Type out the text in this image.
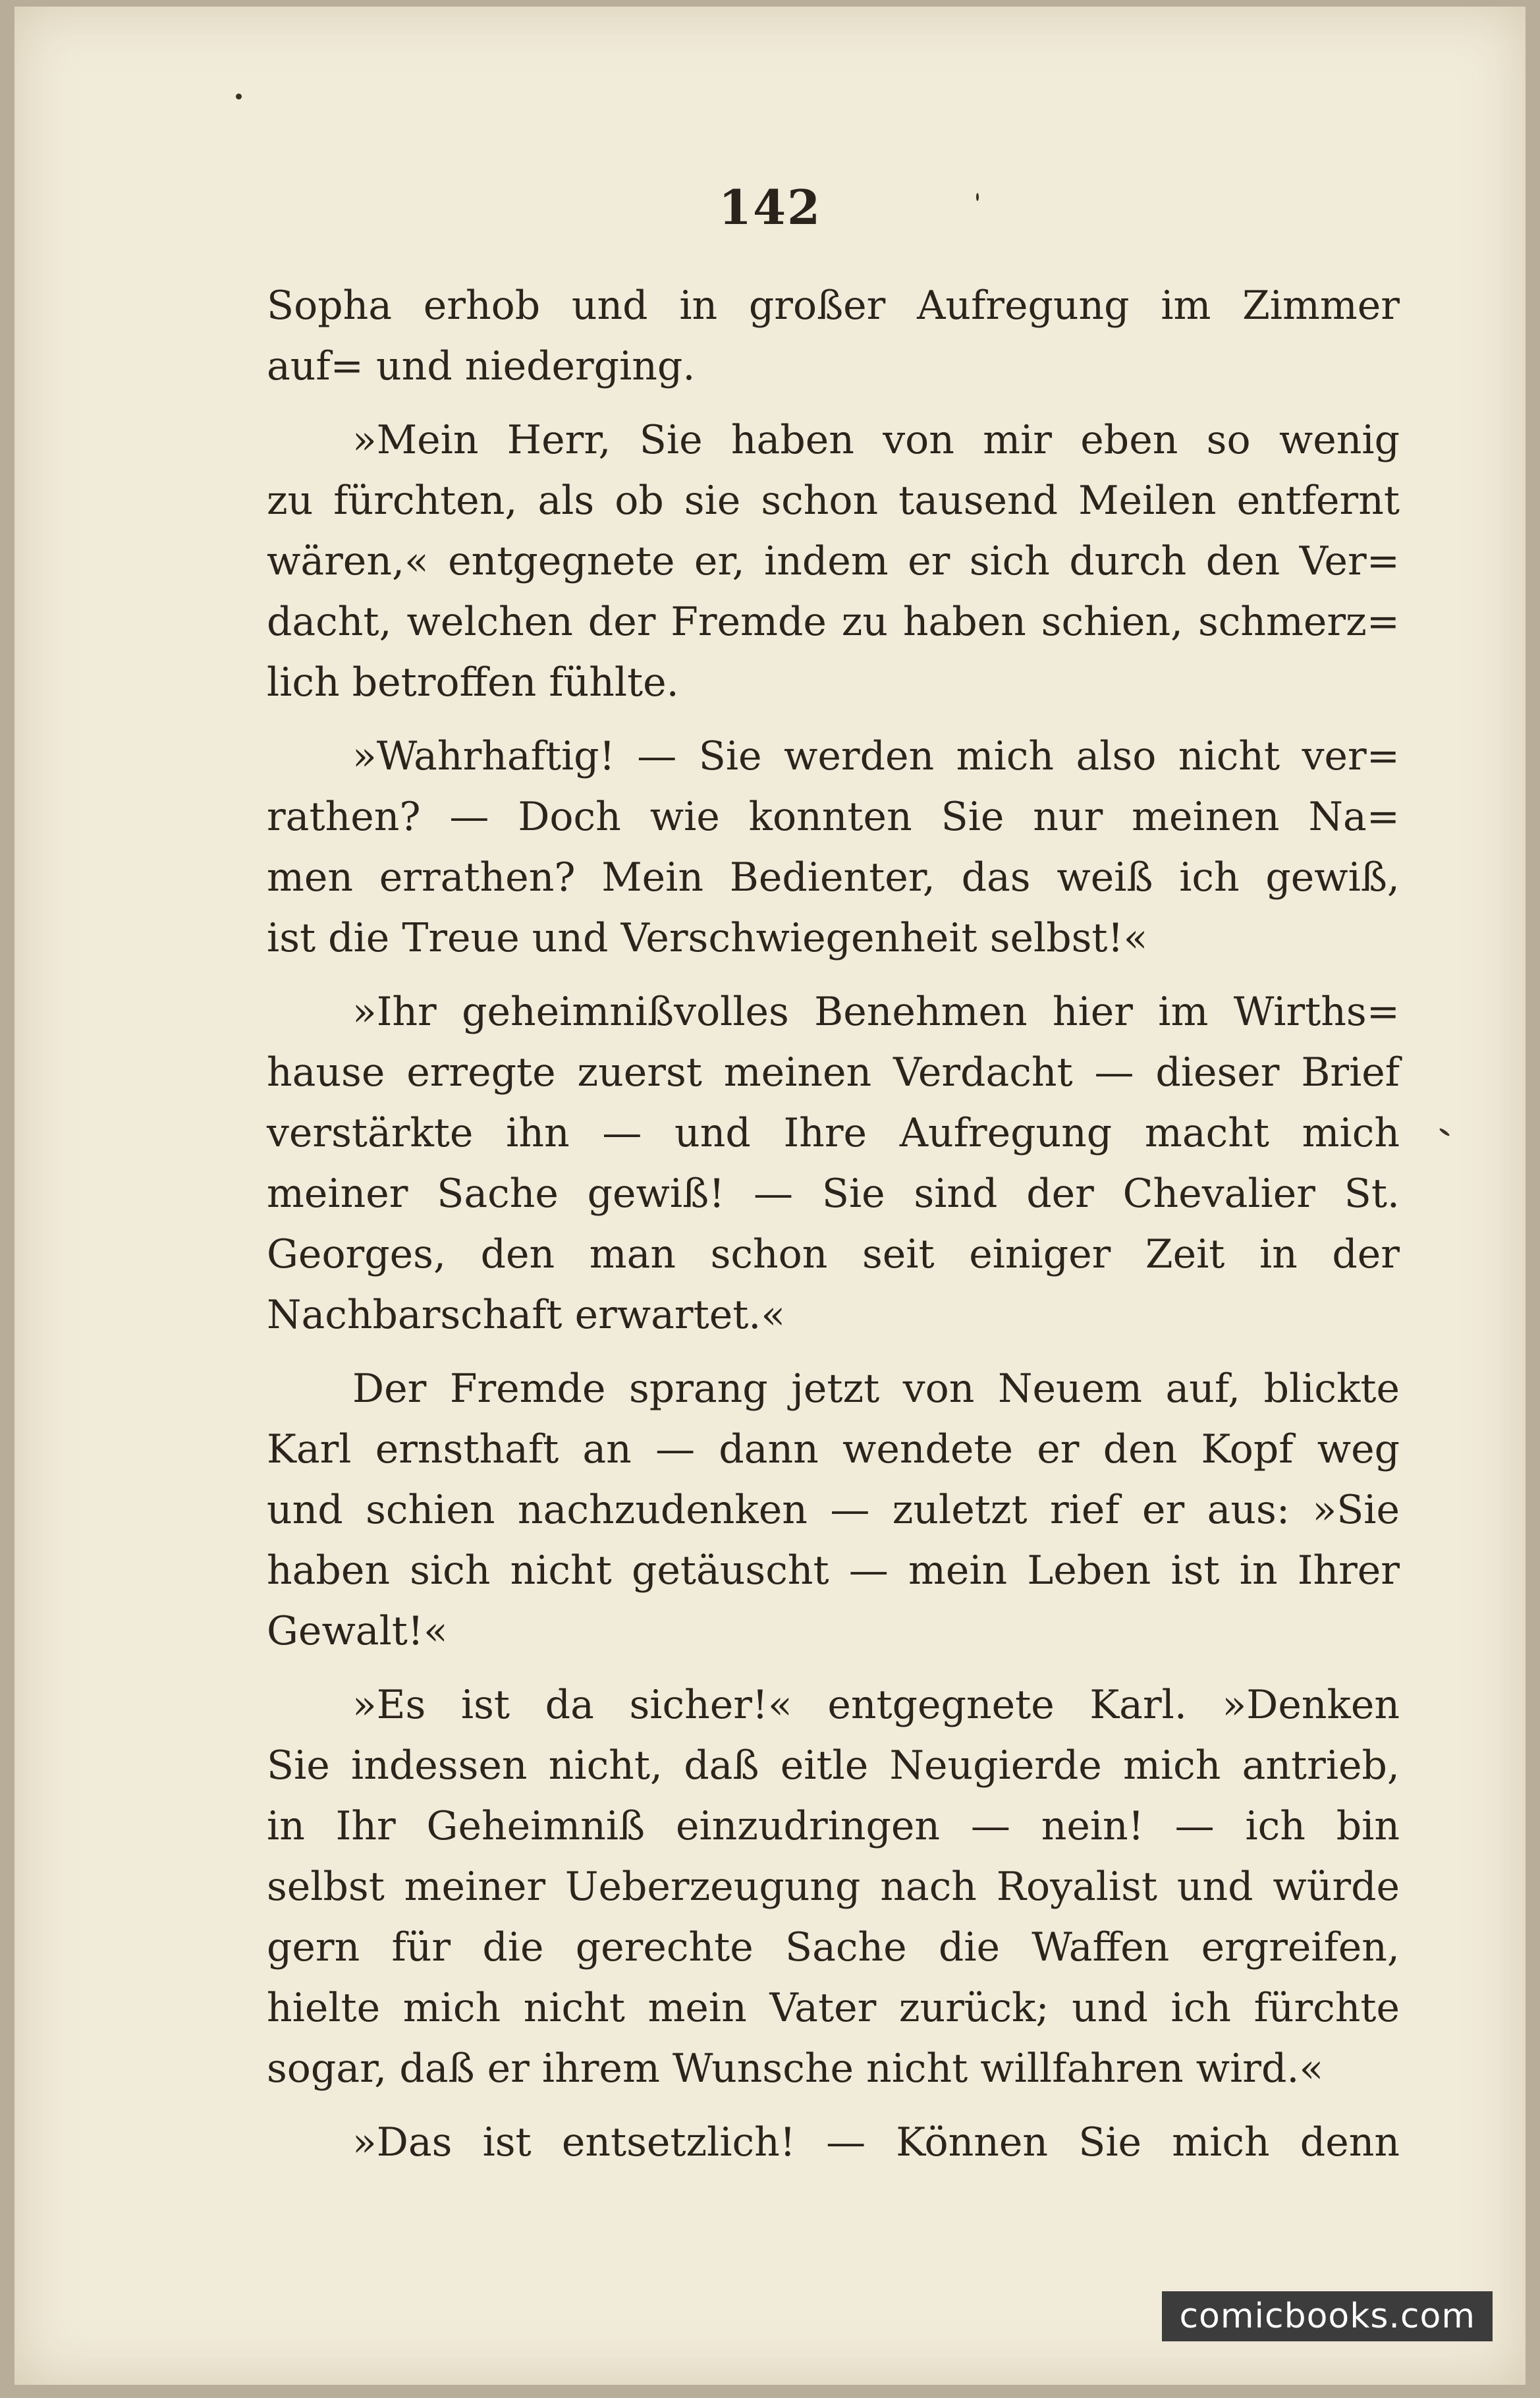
142
Sopha erhob und in großer Aufregung im Zimmer
auf= und niederging.
»Mein Herr, Sie haben von mir eben so wenig
zu fürchten, als ob sie schon tausend Meilen entfernt
wären,« entgegnete er, indem er sich durch den Ver=
dacht, welchen der Fremde zu haben schien, schmerz=
lich betroffen fühlte.
»Wahrhaftig! — Sie werden mich also nicht ver=
rathen? — Doch wie konnten Sie nur meinen Na=
men errathen? Mein Bedienter, das weiß ich gewiß,
ist die Treue und Verschwiegenheit selbst!«
»Ihr geheimnißvolles Benehmen hier im Wirths=
hause erregte zuerst meinen Verdacht — dieser Brief
verstärkte ihn — und Ihre Aufregung macht mich
meiner Sache gewiß! — Sie sind der Chevalier St.
Georges, den man schon seit einiger Zeit in der
Nachbarschaft erwartet.«
Der Fremde sprang jetzt von Neuem auf, blickte
Karl ernsthaft an — dann wendete er den Kopf weg
und schien nachzudenken — zuletzt rief er aus: »Sie
haben sich nicht getäuscht — mein Leben ist in Ihrer
Gewalt!«
»Es ist da sicher!« entgegnete Karl. »Denken
Sie indessen nicht, daß eitle Neugierde mich antrieb,
in Ihr Geheimniß einzudringen — nein! — ich bin
selbst meiner Ueberzeugung nach Royalist und würde
gern für die gerechte Sache die Waffen ergreifen,
hielte mich nicht mein Vater zurück; und ich fürchte
sogar, daß er ihrem Wunsche nicht willfahren wird.«
»Das ist entsetzlich! — Können Sie mich denn
comicbooks.com
